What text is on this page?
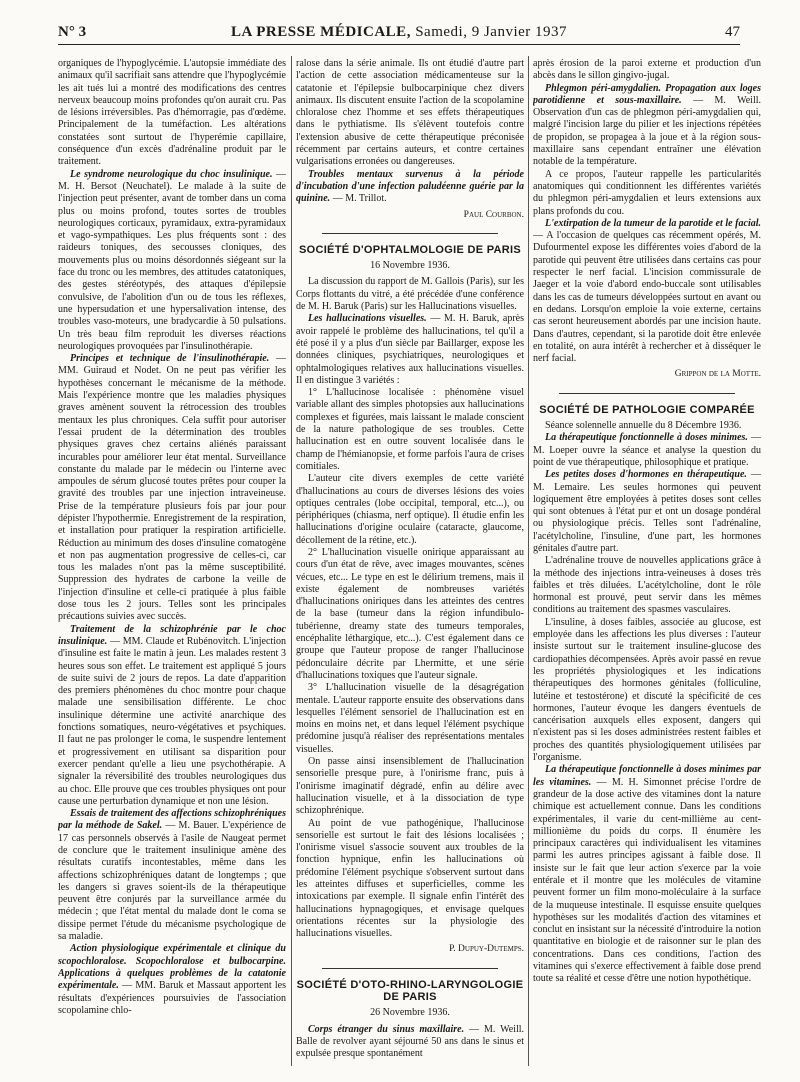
N° 3	LA PRESSE MÉDICALE, Samedi, 9 Janvier 1937	47

organiques de l'hypoglycémie. L'autopsie immédiate des animaux qu'il sacrifiait sans attendre que l'hypoglycémie les ait tués lui a montré des modifications des centres nerveux beaucoup moins profondes qu'on aurait cru. Pas de lésions irréversibles. Pas d'hémorragie, pas d'œdème. Principalement de la tuméfaction. Les altérations constatées sont surtout de l'hyperémie capillaire, conséquence d'un excès d'adrénaline produit par le traitement.

Le syndrome neurologique du choc insulinique. — M. H. Bersot (Neuchatel). Le malade à la suite de l'injection peut présenter, avant de tomber dans un coma plus ou moins profond, toutes sortes de troubles neurologiques corticaux, pyramidaux, extra-pyramidaux et vago-sympathiques. Les plus fréquents sont : des raideurs toniques, des secousses cloniques, des mouvements plus ou moins désordonnés siégeant sur la face du tronc ou les membres, des attitudes catatoniques, des gestes stéréotypés, des attaques d'épilepsie convulsive, de l'abolition d'un ou de tous les réflexes, une hypersudation et une hypersalivation intense, des troubles vaso-moteurs, une bradycardie à 50 pulsations. Un très beau film reproduit les diverses réactions neurologiques provoquées par l'insulinothérapie.

Principes et technique de l'insulinothérapie. — MM. Guiraud et Nodet. On ne peut pas vérifier les hypothèses concernant le mécanisme de la méthode. Mais l'expérience montre que les maladies physiques graves amènent souvent la rétrocession des troubles mentaux les plus chroniques. Cela suffit pour autoriser l'essai prudent de la détermination des troubles physiques graves chez certains aliénés paraissant incurables pour améliorer leur état mental. Surveillance constante du malade par le médecin ou l'interne avec ampoules de sérum glucosé toutes prêtes pour couper la gravité des troubles par une injection intraveineuse. Prise de la température plusieurs fois par jour pour dépister l'hypothermie. Enregistrement de la respiration, et installation pour pratiquer la respiration artificielle. Réduction au minimum des doses d'insuline comatogène et non pas augmentation progressive de celles-ci, car tous les malades n'ont pas la même susceptibilité. Suppression des hydrates de carbone la veille de l'injection d'insuline et celle-ci pratiquée à plus faible dose tous les 2 jours. Telles sont les principales précautions suivies avec succès.

Traitement de la schizophrénie par le choc insulinique. — MM. Claude et Rubénovitch. L'injection d'insuline est faite le matin à jeun. Les malades restent 3 heures sous son effet. Le traitement est appliqué 5 jours de suite suivi de 2 jours de repos. La date d'apparition des premiers phénomènes du choc montre pour chaque malade une sensibilisation différente. Le choc insulinique détermine une activité anarchique des fonctions somatiques, neuro-végétatives et psychiques. Il faut ne pas prolonger le coma, le suspendre lentement et progressivement en utilisant sa disparition pour exercer pendant qu'elle a lieu une psychothérapie. A signaler la réversibilité des troubles neurologiques dus au choc. Elle prouve que ces troubles physiques ont pour cause une perturbation dynamique et non une lésion.

Essais de traitement des affections schizophréniques par la méthode de Sakel. — M. Bauer. L'expérience de 17 cas personnels observés à l'asile de Naugeat permet de conclure que le traitement insulinique amène des résultats curatifs incontestables, même dans les affections schizophréniques datant de longtemps ; que les dangers si graves soient-ils de la thérapeutique peuvent être conjurés par la surveillance armée du médecin ; que l'état mental du malade dont le coma se dissipe permet l'étude du mécanisme psychologique de sa maladie.

Action physiologique expérimentale et clinique du scopochloralose. Scopochloralose et bulbocarpine. Applications à quelques problèmes de la catatonie expérimentale. — MM. Baruk et Massaut apportent les résultats d'expériences poursuivies de l'association scopolamine chlo-

ralose dans la série animale. Ils ont étudié d'autre part l'action de cette association médicamenteuse sur la catatonie et l'épilepsie bulbocarpinique chez divers animaux. Ils discutent ensuite l'action de la scopolamine chloralose chez l'homme et ses effets thérapeutiques dans le pythiatisme. Ils s'élèvent toutefois contre l'extension abusive de cette thérapeutique préconisée récemment par certains auteurs, et contre certaines vulgarisations erronées ou dangereuses.

Troubles mentaux survenus à la période d'incubation d'une infection paludéenne guérie par la quinine. — M. Trillot.

Paul Courbon.
SOCIÉTÉ D'OPHTALMOLOGIE DE PARIS
16 Novembre 1936.

La discussion du rapport de M. Gallois (Paris), sur les Corps flottants du vitré, a été précédée d'une conférence de M. H. Baruk (Paris) sur les Hallucinations visuelles.

Les hallucinations visuelles. — M. H. Baruk, après avoir rappelé le problème des hallucinations, tel qu'il a été posé il y a plus d'un siècle par Baillarger, expose les données cliniques, psychiatriques, neurologiques et ophtalmologiques relatives aux hallucinations visuelles. Il en distingue 3 variétés :

1° L'hallucinose localisée : phénomène visuel variable allant des simples photopsies aux hallucinations complexes et figurées, mais laissant le malade conscient de la nature pathologique de ses troubles. Cette hallucination est en outre souvent localisée dans le champ de l'hémianopsie, et forme parfois l'aura de crises comitiales.

L'auteur cite divers exemples de cette variété d'hallucinations au cours de diverses lésions des voies optiques centrales (lobe occipital, temporal, etc...), ou périphériques (chiasma, nerf optique). Il étudie enfin les hallucinations d'origine oculaire (cataracte, glaucome, décollement de la rétine, etc.).

2° L'hallucination visuelle onirique apparaissant au cours d'un état de rêve, avec images mouvantes, scènes vécues, etc... Le type en est le délirium tremens, mais il existe également de nombreuses variétés d'hallucinations oniriques dans les atteintes des centres de la base (tumeur dans la région infundibulo-tubérienne, dreamy state des tumeurs temporales, encéphalite léthargique, etc...). C'est également dans ce groupe que l'auteur propose de ranger l'hallucinose pédonculaire décrite par Lhermitte, et une série d'hallucinations toxiques que l'auteur signale.

3° L'hallucination visuelle de la désagrégation mentale. L'auteur rapporte ensuite des observations dans lesquelles l'élément sensoriel de l'hallucination est en moins en moins net, et dans lequel l'élément psychique prédomine jusqu'à réaliser des représentations mentales visuelles.

On passe ainsi insensiblement de l'hallucination sensorielle presque pure, à l'onirisme franc, puis à l'onirisme imaginatif dégradé, enfin au délire avec hallucination visuelle, et à la dissociation de type schizophrénique.

Au point de vue pathogénique, l'hallucinose sensorielle est surtout le fait des lésions localisées ; l'onirisme visuel s'associe souvent aux troubles de la fonction hypnique, enfin les hallucinations où prédomine l'élément psychique s'observent surtout dans les atteintes diffuses et superficielles, comme les intoxications par exemple. Il signale enfin l'intérêt des hallucinations hypnagogiques, et envisage quelques orientations récentes sur la physiologie des hallucinations visuelles.

P. Dupuy-Dutemps.
SOCIÉTÉ D'OTO-RHINO-LARYNGOLOGIE DE PARIS
26 Novembre 1936.

Corps étranger du sinus maxillaire. — M. Weill. Balle de revolver ayant séjourné 50 ans dans le sinus et expulsée presque spontanément

après érosion de la paroi externe et production d'un abcès dans le sillon gingivo-jugal.

Phlegmon péri-amygdalien. Propagation aux loges parotidienne et sous-maxillaire. — M. Weill. Observation d'un cas de phlegmon péri-amygdalien qui, malgré l'incision large du pilier et les injections répétées de propidon, se propagea à la joue et à la région sous-maxillaire sans cependant entraîner une élévation notable de la température.

A ce propos, l'auteur rappelle les particularités anatomiques qui conditionnent les différentes variétés du phlegmon péri-amygdalien et leurs extensions aux plans profonds du cou.

L'extirpation de la tumeur de la parotide et le facial. — A l'occasion de quelques cas récemment opérés, M. Dufourmentel expose les différentes voies d'abord de la parotide qui peuvent être utilisées dans certains cas pour respecter le nerf facial. L'incision commissurale de Jaeger et la voie d'abord endo-buccale sont utilisables dans les cas de tumeurs développées surtout en avant ou en dedans. Lorsqu'on emploie la voie externe, certains cas seront heureusement abordés par une incision haute. Dans d'autres, cependant, si la parotide doit être enlevée en totalité, on aura intérêt à rechercher et à disséquer le nerf facial.

Grippon de la Motte.
SOCIÉTÉ DE PATHOLOGIE COMPARÉE

Séance solennelle annuelle du 8 Décembre 1936.

La thérapeutique fonctionnelle à doses minimes. — M. Loeper ouvre la séance et analyse la question du point de vue thérapeutique, philosophique et pratique.

Les petites doses d'hormones en thérapeutique. — M. Lemaire. Les seules hormones qui peuvent logiquement être employées à petites doses sont celles qui sont obtenues à l'état pur et ont un dosage pondéral ou physiologique précis. Telles sont l'adrénaline, l'acétylcholine, l'insuline, d'une part, les hormones génitales d'autre part.

L'adrénaline trouve de nouvelles applications grâce à la méthode des injections intra-veineuses à doses très faibles et très diluées. L'acétylcholine, dont le rôle hormonal est prouvé, peut servir dans les mêmes conditions au traitement des spasmes vasculaires.

L'insuline, à doses faibles, associée au glucose, est employée dans les affections les plus diverses : l'auteur insiste surtout sur le traitement insuline-glucose des cardiopathies décompensées. Après avoir passé en revue les propriétés physiologiques et les indications thérapeutiques des hormones génitales (folliculine, lutéine et testostérone) et discuté la spécificité de ces hormones, l'auteur évoque les dangers éventuels de cancérisation auxquels elles exposent, dangers qui n'existent pas si les doses administrées restent faibles et proches des quantités physiologiquement utilisées par l'organisme.

La thérapeutique fonctionnelle à doses minimes par les vitamines. — M. H. Simonnet précise l'ordre de grandeur de la dose active des vitamines dont la nature chimique est actuellement connue. Dans les conditions expérimentales, il varie du cent-millième au cent-millionième du poids du corps. Il énumère les principaux caractères qui individualisent les vitamines parmi les autres principes agissant à faible dose. Il insiste sur le fait que leur action s'exerce par la voie entérale et il montre que les molécules de vitamine peuvent former un film mono-moléculaire à la surface de la muqueuse intestinale. Il esquisse ensuite quelques hypothèses sur les modalités d'action des vitamines et conclut en insistant sur la nécessité d'introduire la notion quantitative en biologie et de raisonner sur le plan des concentrations. Dans ces conditions, l'action des vitamines qui s'exerce effectivement à faible dose prend toute sa réalité et cesse d'être une notion hypothétique.
